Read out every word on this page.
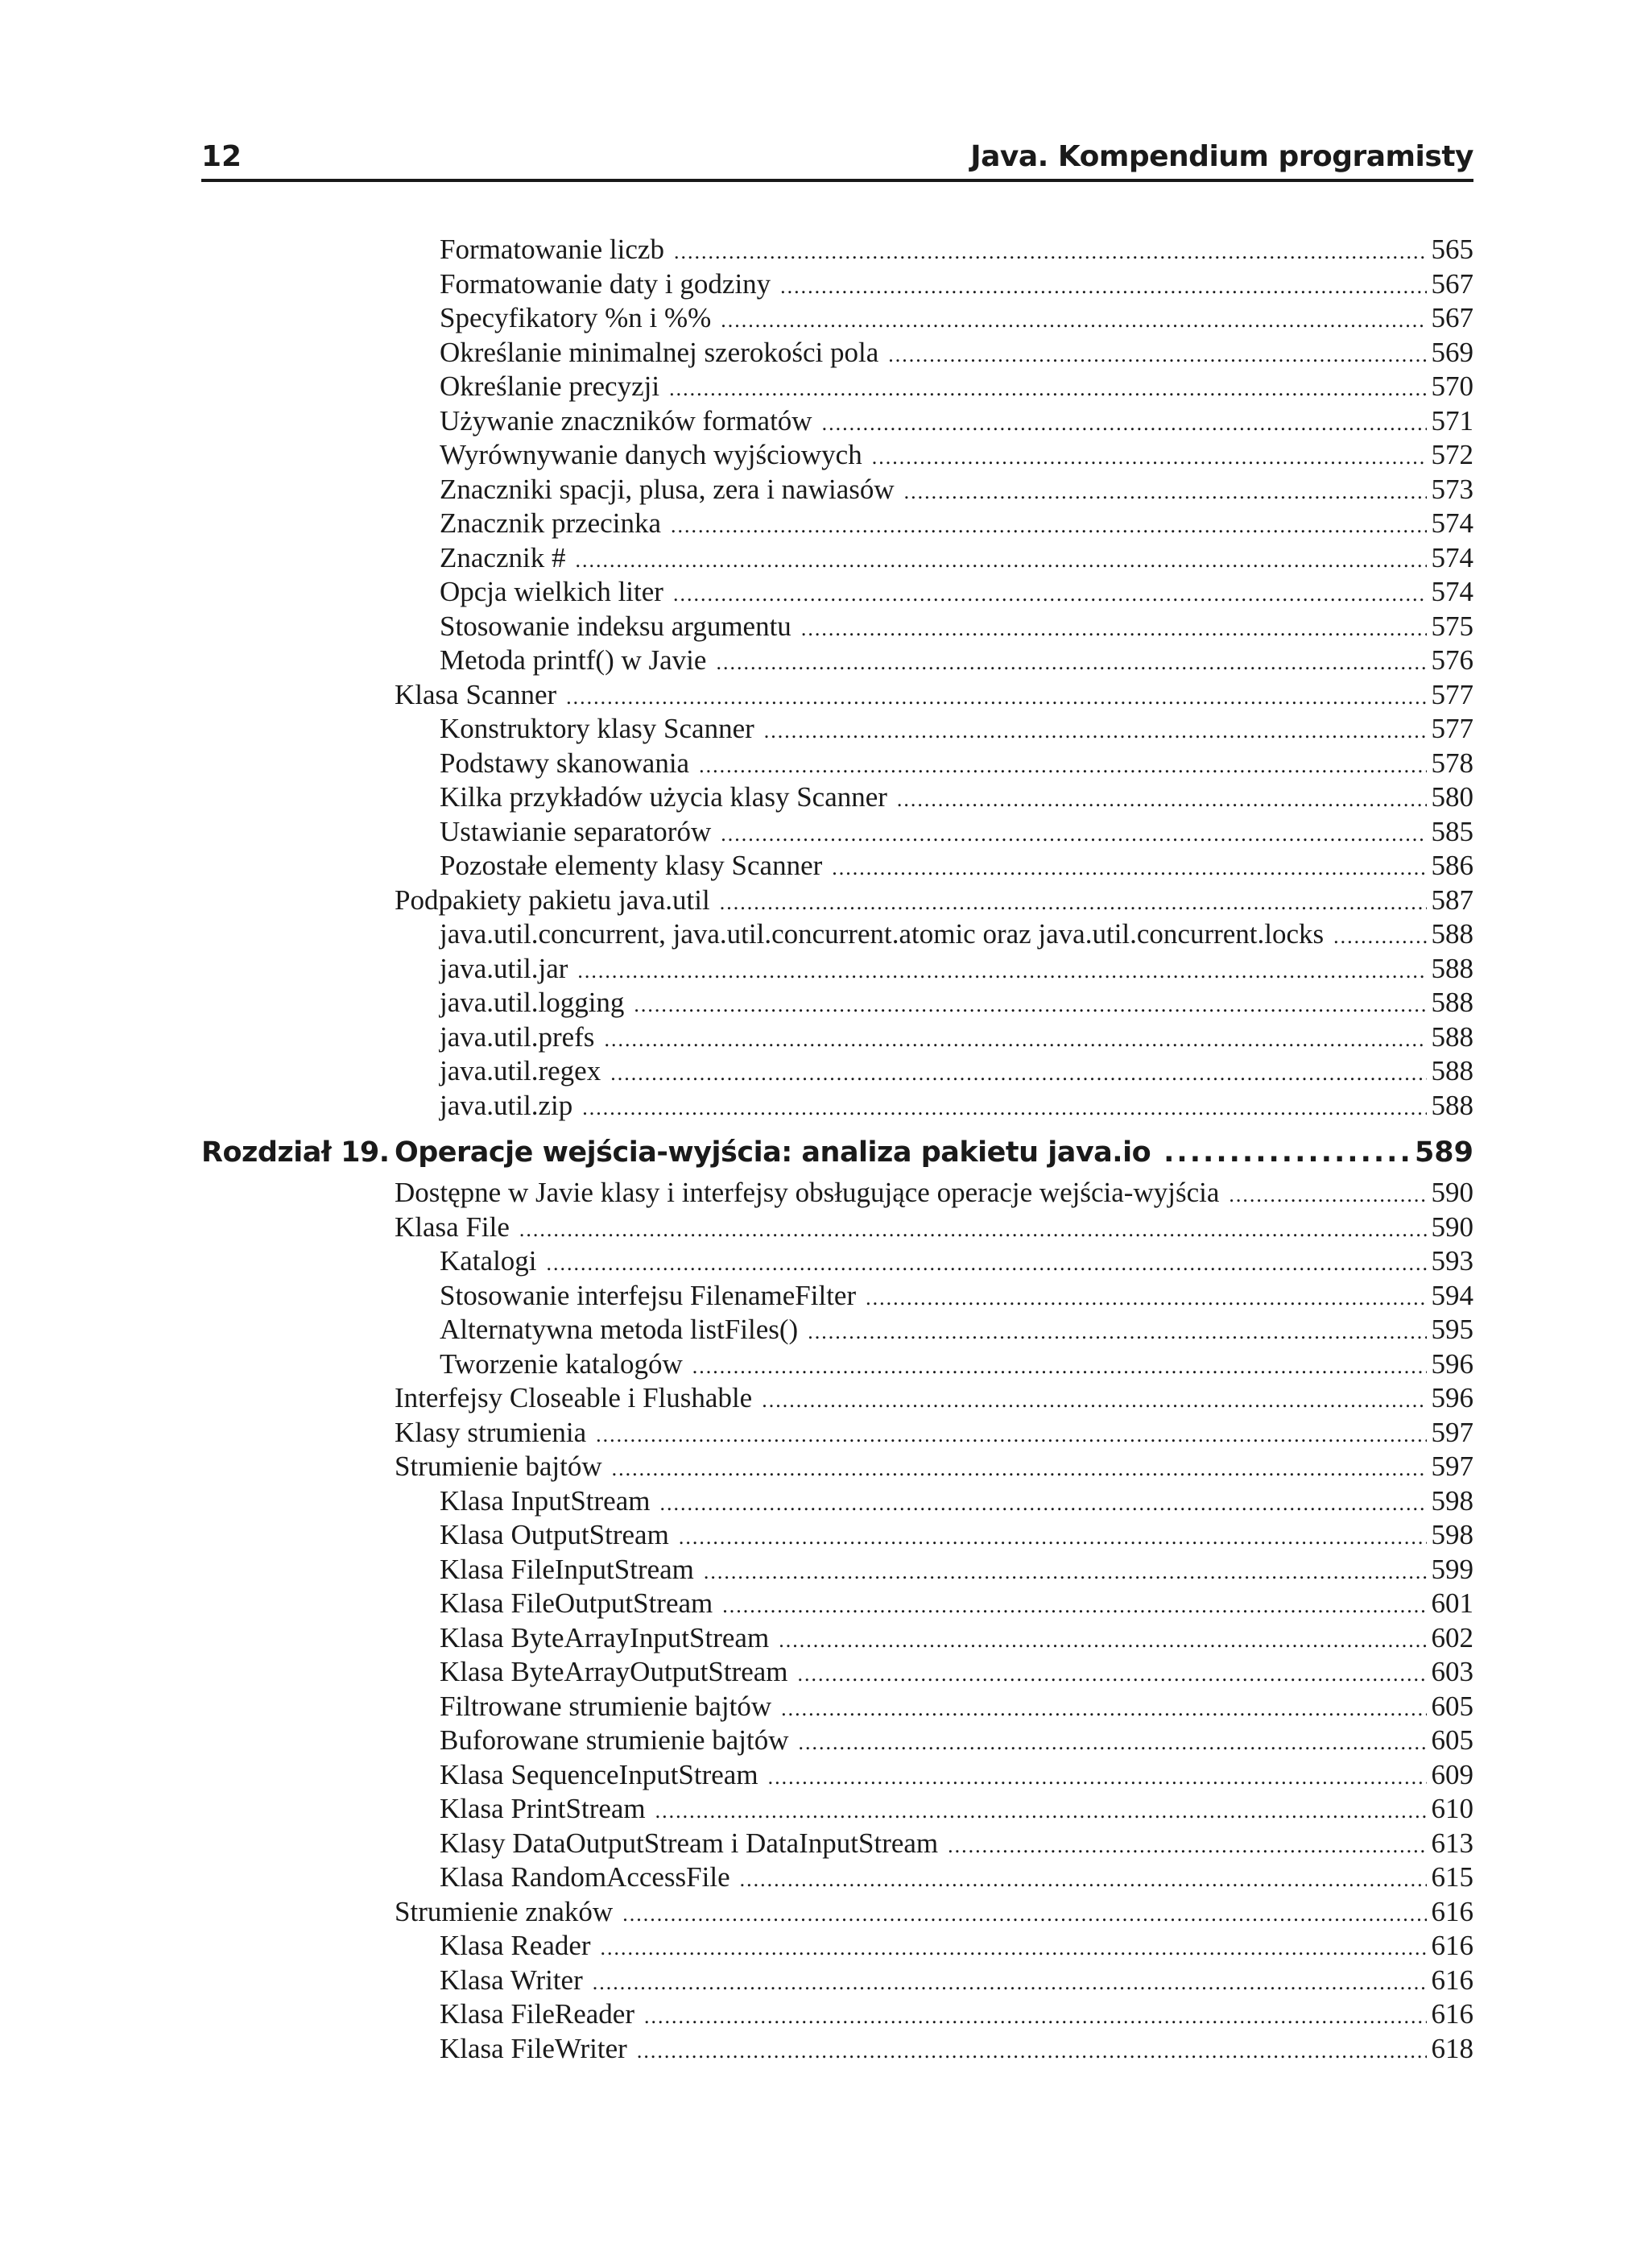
12	Java. Kompendium programisty
Formatowanie liczb .....	565
Formatowanie daty i godziny .....	567
Specyfikatory %n i %% .....	567
Określanie minimalnej szerokości pola .....	569
Określanie precyzji .....	570
Używanie znaczników formatów .....	571
Wyrównywanie danych wyjściowych .....	572
Znaczniki spacji, plusa, zera i nawiasów .....	573
Znacznik przecinka .....	574
Znacznik # .....	574
Opcja wielkich liter .....	574
Stosowanie indeksu argumentu .....	575
Metoda printf() w Javie .....	576
Klasa Scanner .....	577
Konstruktory klasy Scanner .....	577
Podstawy skanowania .....	578
Kilka przykładów użycia klasy Scanner .....	580
Ustawianie separatorów .....	585
Pozostałe elementy klasy Scanner .....	586
Podpakiety pakietu java.util .....	587
java.util.concurrent, java.util.concurrent.atomic oraz java.util.concurrent.locks .....	588
java.util.jar .....	588
java.util.logging .....	588
java.util.prefs .....	588
java.util.regex .....	588
java.util.zip .....	588
Rozdział 19. Operacje wejścia-wyjścia: analiza pakietu java.io .....	589
Dostępne w Javie klasy i interfejsy obsługujące operacje wejścia-wyjścia .....	590
Klasa File .....	590
Katalogi .....	593
Stosowanie interfejsu FilenameFilter .....	594
Alternatywna metoda listFiles() .....	595
Tworzenie katalogów .....	596
Interfejsy Closeable i Flushable .....	596
Klasy strumienia .....	597
Strumienie bajtów .....	597
Klasa InputStream .....	598
Klasa OutputStream .....	598
Klasa FileInputStream .....	599
Klasa FileOutputStream .....	601
Klasa ByteArrayInputStream .....	602
Klasa ByteArrayOutputStream .....	603
Filtrowane strumienie bajtów .....	605
Buforowane strumienie bajtów .....	605
Klasa SequenceInputStream .....	609
Klasa PrintStream .....	610
Klasy DataOutputStream i DataInputStream .....	613
Klasa RandomAccessFile .....	615
Strumienie znaków .....	616
Klasa Reader .....	616
Klasa Writer .....	616
Klasa FileReader .....	616
Klasa FileWriter .....	618
